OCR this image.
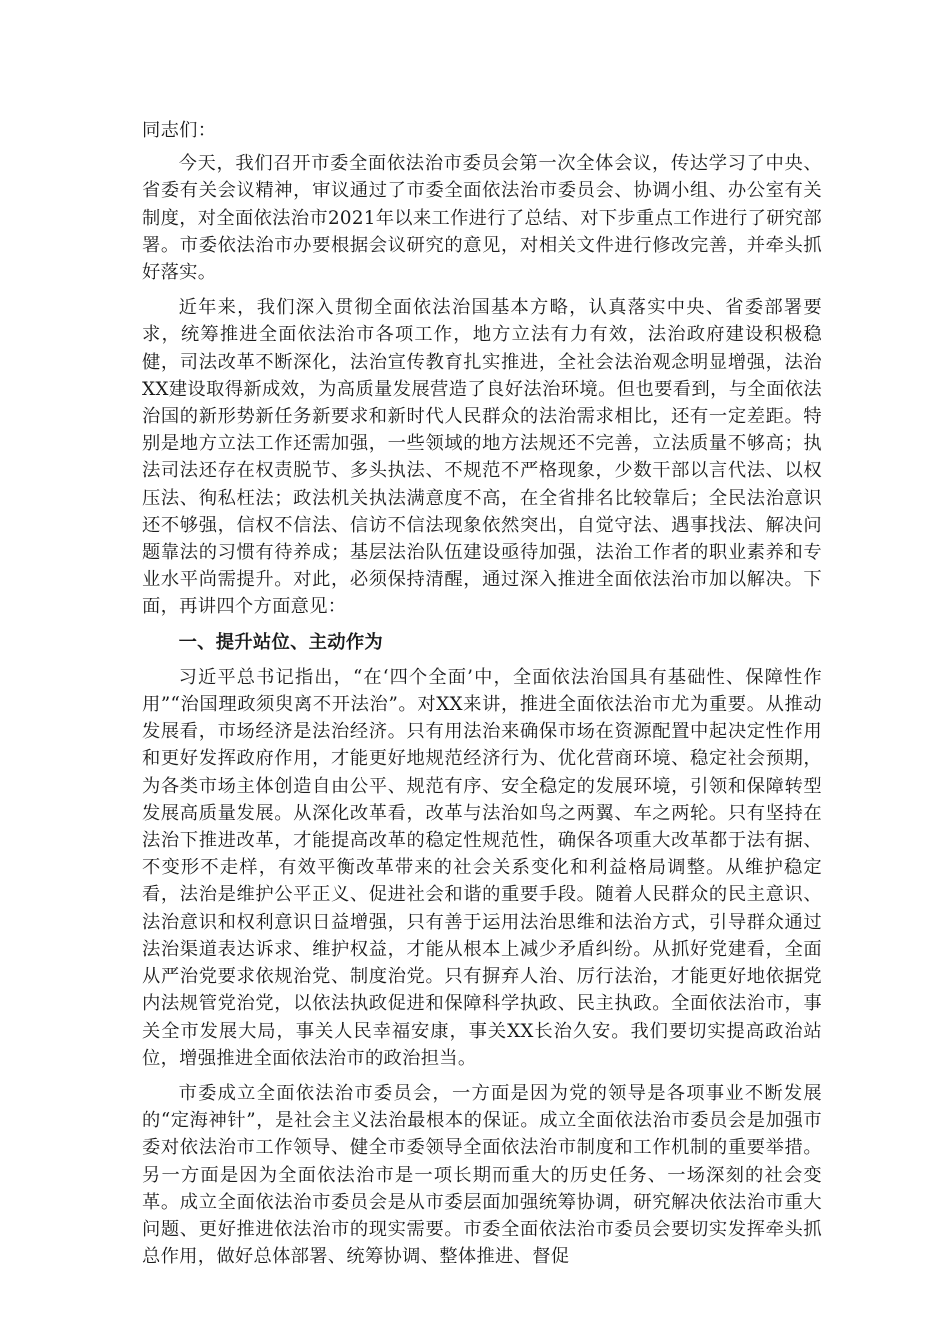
同志们：

今天，我们召开市委全面依法治市委员会第一次全体会议，传达学习了中央、省委有关会议精神，审议通过了市委全面依法治市委员会、协调小组、办公室有关制度，对全面依法治市2021年以来工作进行了总结、对下步重点工作进行了研究部署。市委依法治市办要根据会议研究的意见，对相关文件进行修改完善，并牵头抓好落实。

近年来，我们深入贯彻全面依法治国基本方略，认真落实中央、省委部署要求，统筹推进全面依法治市各项工作，地方立法有力有效，法治政府建设积极稳健，司法改革不断深化，法治宣传教育扎实推进，全社会法治观念明显增强，法治XX建设取得新成效，为高质量发展营造了良好法治环境。但也要看到，与全面依法治国的新形势新任务新要求和新时代人民群众的法治需求相比，还有一定差距。特别是地方立法工作还需加强，一些领域的地方法规还不完善，立法质量不够高；执法司法还存在权责脱节、多头执法、不规范不严格现象，少数干部以言代法、以权压法、徇私枉法；政法机关执法满意度不高，在全省排名比较靠后；全民法治意识还不够强，信权不信法、信访不信法现象依然突出，自觉守法、遇事找法、解决问题靠法的习惯有待养成；基层法治队伍建设亟待加强，法治工作者的职业素养和专业水平尚需提升。对此，必须保持清醒，通过深入推进全面依法治市加以解决。下面，再讲四个方面意见：

一、提升站位、主动作为

习近平总书记指出，“在‘四个全面’中，全面依法治国具有基础性、保障性作用”“治国理政须臾离不开法治”。对XX来讲，推进全面依法治市尤为重要。从推动发展看，市场经济是法治经济。只有用法治来确保市场在资源配置中起决定性作用和更好发挥政府作用，才能更好地规范经济行为、优化营商环境、稳定社会预期，为各类市场主体创造自由公平、规范有序、安全稳定的发展环境，引领和保障转型发展高质量发展。从深化改革看，改革与法治如鸟之两翼、车之两轮。只有坚持在法治下推进改革，才能提高改革的稳定性规范性，确保各项重大改革都于法有据、不变形不走样，有效平衡改革带来的社会关系变化和利益格局调整。从维护稳定看，法治是维护公平正义、促进社会和谐的重要手段。随着人民群众的民主意识、法治意识和权利意识日益增强，只有善于运用法治思维和法治方式，引导群众通过法治渠道表达诉求、维护权益，才能从根本上减少矛盾纠纷。从抓好党建看，全面从严治党要求依规治党、制度治党。只有摒弃人治、厉行法治，才能更好地依据党内法规管党治党，以依法执政促进和保障科学执政、民主执政。全面依法治市，事关全市发展大局，事关人民幸福安康，事关XX长治久安。我们要切实提高政治站位，增强推进全面依法治市的政治担当。

市委成立全面依法治市委员会，一方面是因为党的领导是各项事业不断发展的“定海神针”，是社会主义法治最根本的保证。成立全面依法治市委员会是加强市委对依法治市工作领导、健全市委领导全面依法治市制度和工作机制的重要举措。另一方面是因为全面依法治市是一项长期而重大的历史任务、一场深刻的社会变革。成立全面依法治市委员会是从市委层面加强统筹协调，研究解决依法治市重大问题、更好推进依法治市的现实需要。市委全面依法治市委员会要切实发挥牵头抓总作用，做好总体部署、统筹协调、整体推进、督促
